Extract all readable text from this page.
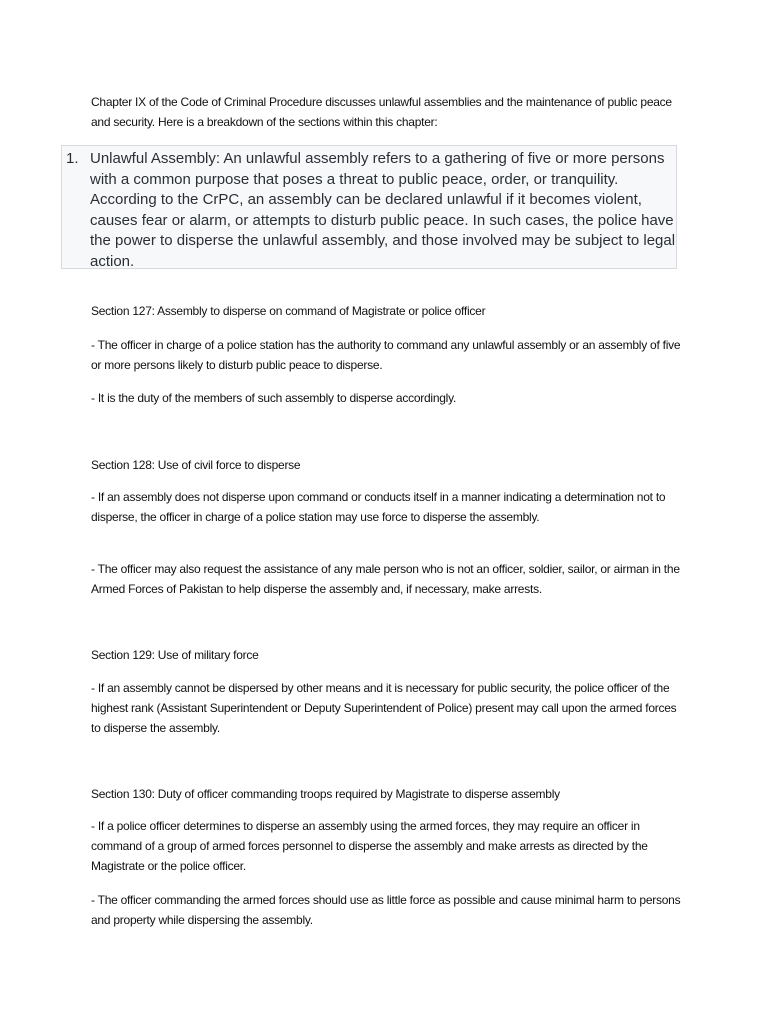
Chapter IX of the Code of Criminal Procedure discusses unlawful assemblies and the maintenance of public peace and security. Here is a breakdown of the sections within this chapter:

1. Unlawful Assembly: An unlawful assembly refers to a gathering of five or more persons with a common purpose that poses a threat to public peace, order, or tranquility. According to the CrPC, an assembly can be declared unlawful if it becomes violent, causes fear or alarm, or attempts to disturb public peace. In such cases, the police have the power to disperse the unlawful assembly, and those involved may be subject to legal action.

Section 127: Assembly to disperse on command of Magistrate or police officer

- The officer in charge of a police station has the authority to command any unlawful assembly or an assembly of five or more persons likely to disturb public peace to disperse.

- It is the duty of the members of such assembly to disperse accordingly.

Section 128: Use of civil force to disperse

- If an assembly does not disperse upon command or conducts itself in a manner indicating a determination not to disperse, the officer in charge of a police station may use force to disperse the assembly.

- The officer may also request the assistance of any male person who is not an officer, soldier, sailor, or airman in the Armed Forces of Pakistan to help disperse the assembly and, if necessary, make arrests.

Section 129: Use of military force

- If an assembly cannot be dispersed by other means and it is necessary for public security, the police officer of the highest rank (Assistant Superintendent or Deputy Superintendent of Police) present may call upon the armed forces to disperse the assembly.

Section 130: Duty of officer commanding troops required by Magistrate to disperse assembly

- If a police officer determines to disperse an assembly using the armed forces, they may require an officer in command of a group of armed forces personnel to disperse the assembly and make arrests as directed by the Magistrate or the police officer.

- The officer commanding the armed forces should use as little force as possible and cause minimal harm to persons and property while dispersing the assembly.
